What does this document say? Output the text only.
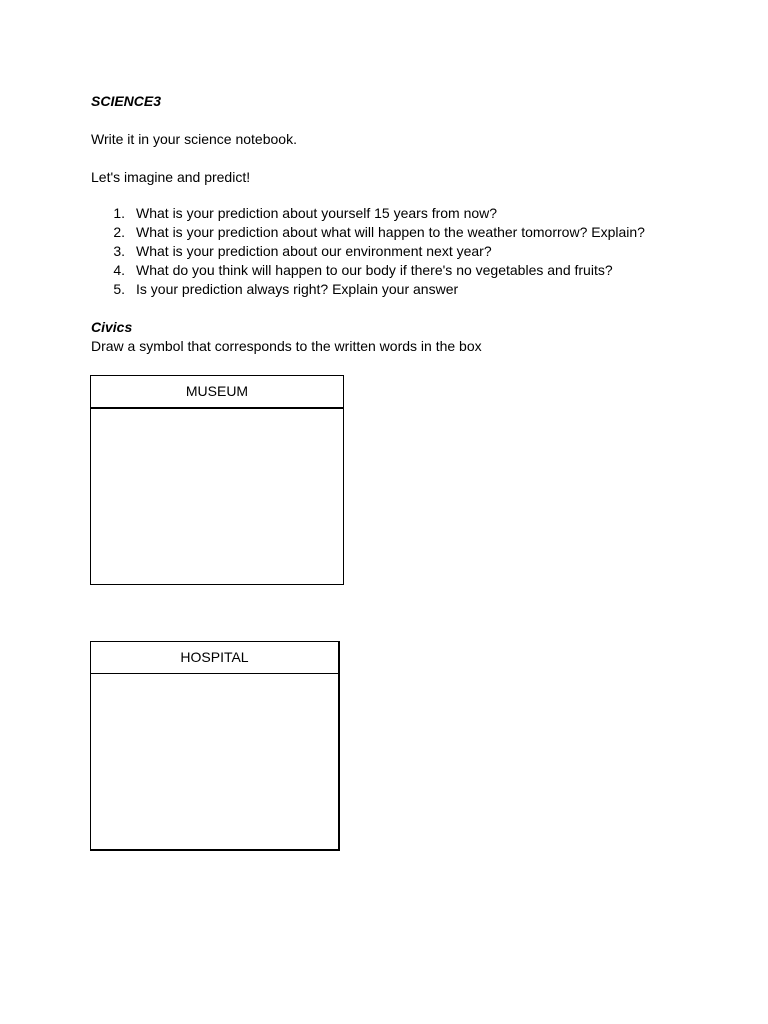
SCIENCE3
Write it in your science notebook.
Let's imagine and predict!
1. What is your prediction about yourself 15 years from now?
2. What is your prediction about what will happen to the weather tomorrow? Explain?
3. What is your prediction about our environment next year?
4. What do you think will happen to our body if there's no vegetables and fruits?
5. Is your prediction always right? Explain your answer
Civics
Draw a symbol that corresponds to the written words in the box
MUSEUM
HOSPITAL
